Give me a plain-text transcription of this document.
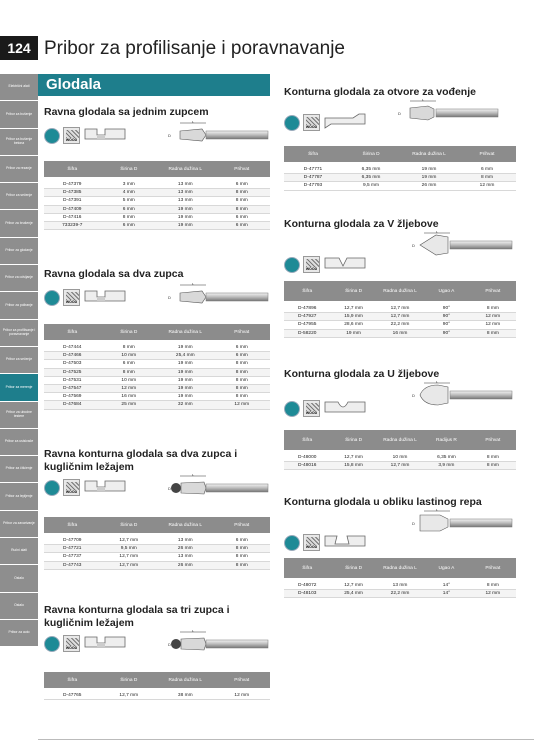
124 Pribor za profilisanje i poravnavanje
Električni alati
Pribor za bušenje
Pribor za bušenje betona
Pribor za rezanje
Pribor za sečenje
Pribor za brušenje
Pribor za glodanje
Pribor za odvijanje
Pribor za poliranje
Pribor za profilisanje i poravnavanje
Pribor za sečenje
Pribor za merenje
Pribor za ubodne testere
Pribor za usisivače
Pribor za čišćenje
Pribor za lepljenje
Pribor za zavarivanje
Ručni alati
Ostalo
Ostalo
Pribor za auto
Glodala
Ravna glodala sa jednim zupcem
WOOD
L
D
Šifra	Širina D	Radna dužina L	Prihvat
D-47379	3 mm	13 mm	6 mm
D-47385	4 mm	13 mm	8 mm
D-47391	5 mm	13 mm	8 mm
D-47409	6 mm	19 mm	8 mm
D-47416	8 mm	19 mm	6 mm
733239-7	6 mm	19 mm	6 mm
Ravna glodala sa dva zupca
WOOD
L
D
Šifra	Širina D	Radna dužina L	Prihvat
D-47444	8 mm	19 mm	6 mm
D-47466	10 mm	25,4 mm	6 mm
D-47503	6 mm	19 mm	8 mm
D-47525	8 mm	19 mm	8 mm
D-47531	10 mm	19 mm	8 mm
D-47547	12 mm	19 mm	8 mm
D-47569	16 mm	19 mm	8 mm
D-47684	25 mm	32 mm	12 mm
Ravna konturna glodala sa dva zupca i kugličnim ležajem
WOOD
L
D
Šifra	Širina D	Radna dužina L	Prihvat
D-47709	12,7 mm	13 mm	6 mm
D-47721	9,5 mm	26 mm	8 mm
D-47737	12,7 mm	13 mm	8 mm
D-47743	12,7 mm	26 mm	8 mm
Ravna konturna glodala sa tri zupca i kugličnim ležajem
WOOD
L
D
Šifra	Širina D	Radna dužina L	Prihvat
D-47765	12,7 mm	38 mm	12 mm
Konturna glodala za otvore za vođenje
WOOD
L
D
Šifra	Širina D	Radna dužina L	Prihvat
D-47771	6,35 mm	19 mm	6 mm
D-47787	6,35 mm	19 mm	8 mm
D-47793	9,5 mm	26 mm	12 mm
Konturna glodala za V žljebove
WOOD
L
D
Šifra	Širina D	Radna dužina L	Ugao A	Prihvat
D-47896	12,7 mm	12,7 mm	90°	8 mm
D-47927	15,9 mm	12,7 mm	90°	12 mm
D-47955	28,6 mm	22,2 mm	90°	12 mm
D-58220	19 mm	16 mm	90°	8 mm
Konturna glodala za U žljebove
WOOD
L
D
Šifra	Širina D	Radna dužina L	Radijus R	Prihvat
D-48000	12,7 mm	10 mm	6,35 mm	8 mm
D-48016	15,8 mm	12,7 mm	3,9 mm	8 mm
Konturna glodala u obliku lastinog repa
WOOD
L
D
Šifra	Širina D	Radna dužina L	Ugao A	Prihvat
D-48072	12,7 mm	13 mm	14°	8 mm
D-48103	25,4 mm	22,2 mm	14°	12 mm
